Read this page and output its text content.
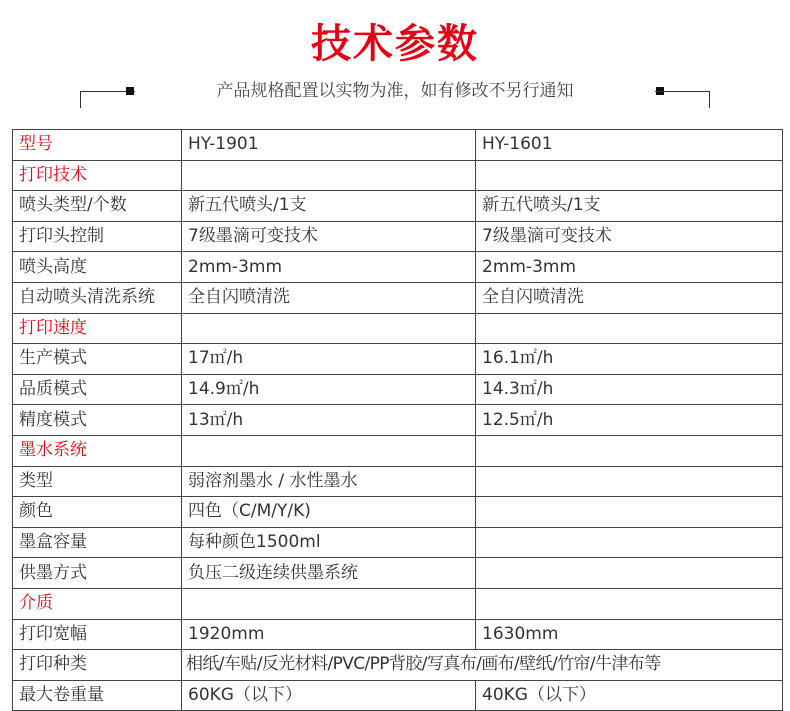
技术参数
产品规格配置以实物为准，如有修改不另行通知
型号	HY-1901	HY-1601
打印技术		
喷头类型/个数	新五代喷头/1支	新五代喷头/1支
打印头控制	7级墨滴可变技术	7级墨滴可变技术
喷头高度	2mm-3mm	2mm-3mm
自动喷头清洗系统	全自闪喷清洗	全自闪喷清洗
打印速度		
生产模式	17㎡/h	16.1㎡/h
品质模式	14.9㎡/h	14.3㎡/h
精度模式	13㎡/h	12.5㎡/h
墨水系统		
类型	弱溶剂墨水 / 水性墨水	
颜色	四色（C/M/Y/K)	
墨盒容量	每种颜色1500ml	
供墨方式	负压二级连续供墨系统	
介质		
打印宽幅	1920mm	1630mm
打印种类	相纸/车贴/反光材料/PVC/PP背胶/写真布/画布/壁纸/竹帘/牛津布等	
最大卷重量	60KG（以下）	40KG（以下）
